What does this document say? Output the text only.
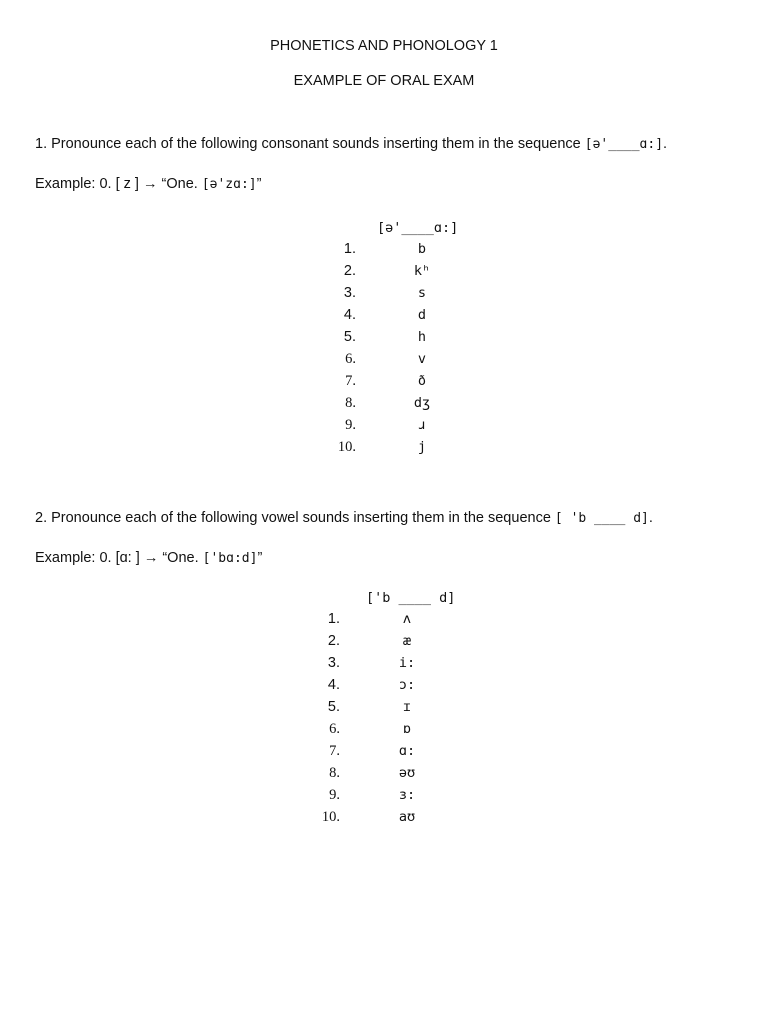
PHONETICS AND PHONOLOGY 1
EXAMPLE OF ORAL EXAM
1. Pronounce each of the following consonant sounds inserting them in the sequence [ə'____ɑ:].
Example: 0. [ z ] → “One. [ə'zɑ:]”
[ə'____ɑ:]
1.	b
2.	kʰ
3.	s
4.	d
5.	h
6.	v
7.	ð
8.	dʒ
9.	ɹ
10.	j
2. Pronounce each of the following vowel sounds inserting them in the sequence [ 'b ____ d].
Example: 0. [ɑ: ] → “One. ['bɑ:d]”
['b ____ d]
1.	ʌ
2.	æ
3.	i:
4.	ɔ:
5.	ɪ
6.	ɒ
7.	ɑ:
8.	əʊ
9.	ɜ:
10.	aʊ
